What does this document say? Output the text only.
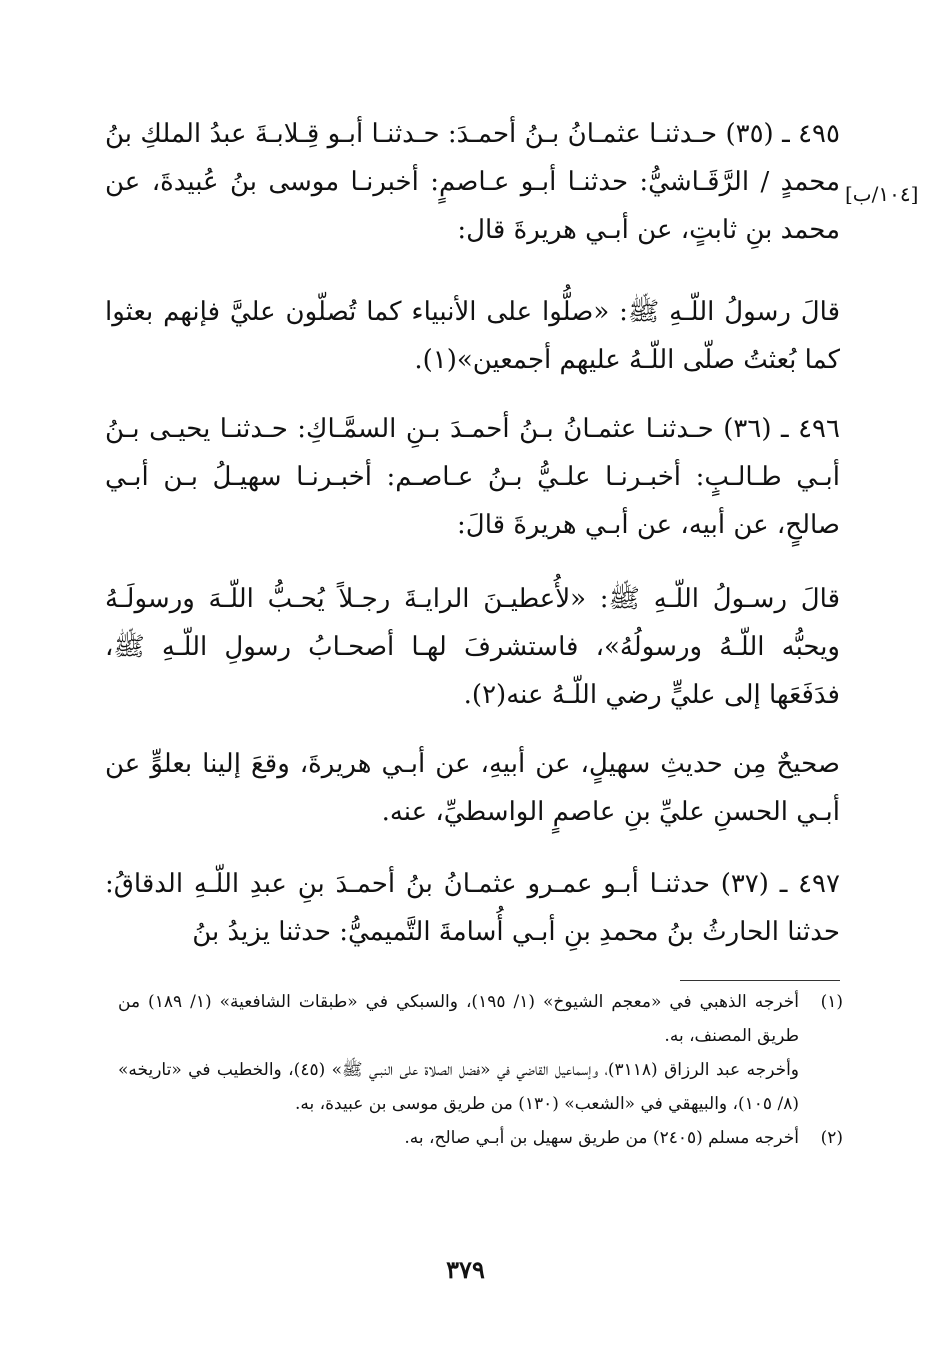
٤٩٥ ـ (٣٥) حـدثنـا عثمـانُ بـنُ أحمـدَ: حـدثنـا أبـو قِـلابـةَ عبدُ الملكِ بنُ محمدٍ / الرَّقَـاشيُّ: حدثنـا أبـو عـاصمٍ: أخبرنـا موسى بنُ عُبيدةَ، عن محمد بنِ ثابتٍ، عن أبـي هريرةَ قال:

[١٠٤/ب]

قالَ رسولُ اللّـهِ ﷺ: «صلُّوا على الأنبياء كما تُصلّون عليَّ فإنهم بعثوا كما بُعثتُ صلّى اللّـهُ عليهم أجمعين»(١).

٤٩٦ ـ (٣٦) حـدثنـا عثمـانُ بـنُ أحمـدَ بـنِ السمَّـاكِ: حـدثنـا يحيـى بـنُ أبـي طـالـبٍ: أخبـرنـا علـيُّ بـنُ عـاصـم: أخبـرنـا سهيـلُ بـن أبـي صالحٍ، عن أبيه، عن أبـي هريرةَ قالَ:

قالَ رسـولُ اللّـهِ ﷺ: «لأُعطيـنَ الرايـةَ رجـلاً يُحـبُّ اللّـهَ ورسولَـهُ ويحبُّه اللّـهُ ورسولُهُ»، فاستشرفَ لهـا أصحـابُ رسولِ اللّـهِ ﷺ، فدَفَعَها إلى عليٍّ رضي اللّـهُ عنه(٢).

صحيحٌ مِن حديثِ سهيلٍ، عن أبيهِ، عن أبـي هريرةَ، وقعَ إلينا بعلوٍّ عن أبـي الحسنِ عليِّ بنِ عاصمٍ الواسطيِّ، عنه.

٤٩٧ ـ (٣٧) حدثنـا أبـو عمـرو عثمـانُ بنُ أحمـدَ بنِ عبدِ اللّـهِ الدقاقُ: حدثنا الحارثُ بنُ محمدِ بنِ أبـي أُسامةَ التَّميميُّ: حدثنا يزيدُ بنُ

(١)
أخرجه الذهبي في «معجم الشيوخ» (١/ ١٩٥)، والسبكي في «طبقات الشافعية» (١/ ١٨٩) من طريق المصنف، به.

وأخرجه عبد الرزاق (٣١١٨)، وإسماعيل القاضي في «فضل الصلاة على النبـي ﷺ» (٤٥)، والخطيب في «تاريخه» (٨/ ١٠٥)، والبيهقي في «الشعب» (١٣٠) من طريق موسى بن عبيدة، به.

(٢)
أخرجه مسلم (٢٤٠٥) من طريق سهيل بن أبـي صالح، به.
٣٧٩
